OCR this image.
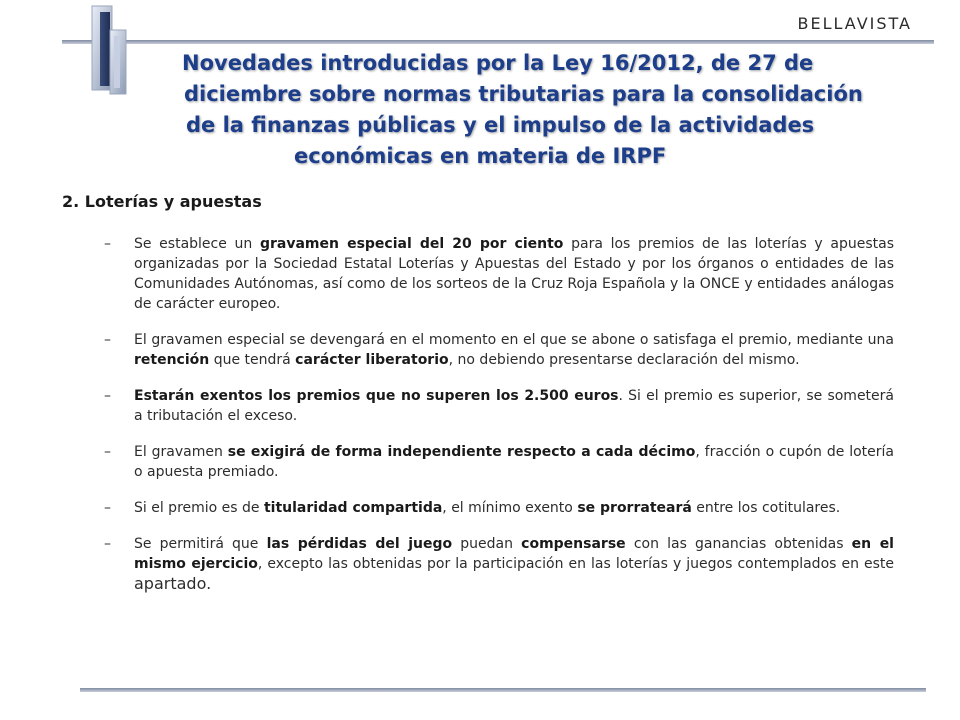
BELLAVISTA
Novedades introducidas por la Ley 16/2012, de 27 de
diciembre sobre normas tributarias para la consolidación
de la finanzas públicas y el impulso de la actividades
económicas en materia de IRPF
2. Loterías y apuestas
– Se establece un gravamen especial del 20 por ciento para los premios de las loterías y apuestas organizadas por la Sociedad Estatal Loterías y Apuestas del Estado y por los órganos o entidades de las Comunidades Autónomas, así como de los sorteos de la Cruz Roja Española y la ONCE y entidades análogas de carácter europeo.
– El gravamen especial se devengará en el momento en el que se abone o satisfaga el premio, mediante una retención que tendrá carácter liberatorio, no debiendo presentarse declaración del mismo.
– Estarán exentos los premios que no superen los 2.500 euros. Si el premio es superior, se someterá a tributación el exceso.
– El gravamen se exigirá de forma independiente respecto a cada décimo, fracción o cupón de lotería o apuesta premiado.
– Si el premio es de titularidad compartida, el mínimo exento se prorrateará entre los cotitulares.
– Se permitirá que las pérdidas del juego puedan compensarse con las ganancias obtenidas en el mismo ejercicio, excepto las obtenidas por la participación en las loterías y juegos contemplados en este apartado.
